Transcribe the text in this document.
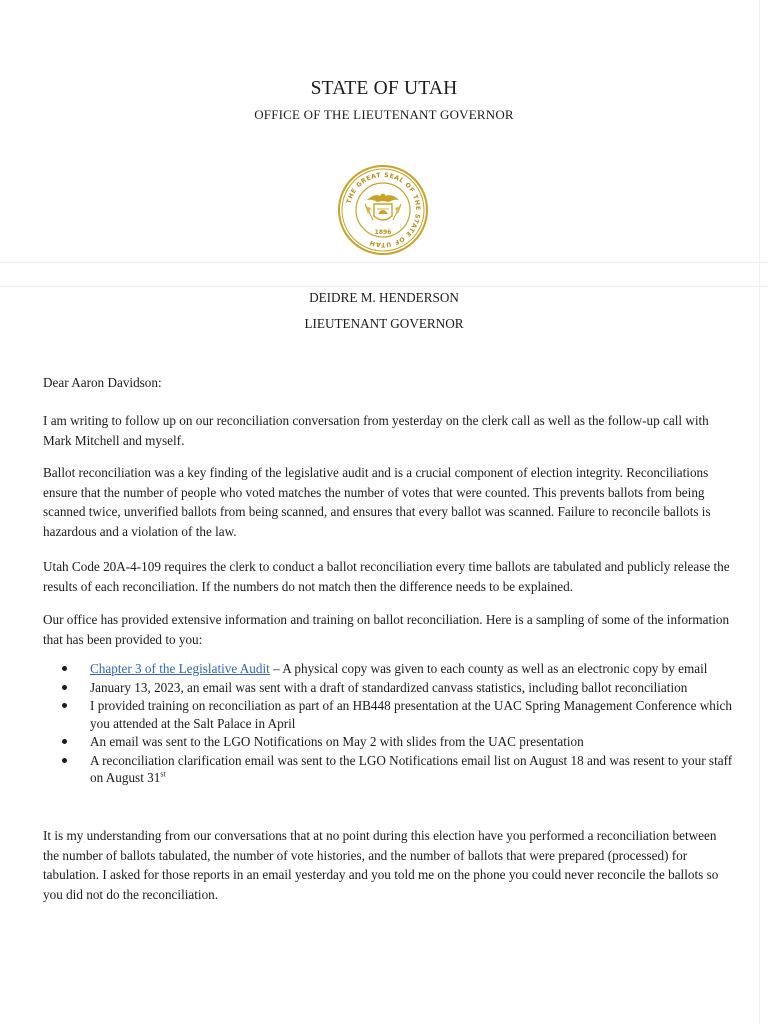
STATE OF UTAH
OFFICE OF THE LIEUTENANT GOVERNOR
THE GREAT SEAL OF THE STATE OF UTAH
1896
DEIDRE M. HENDERSON
LIEUTENANT GOVERNOR

Dear Aaron Davidson:

I am writing to follow up on our reconciliation conversation from yesterday on the clerk call as well as the follow-up call with Mark Mitchell and myself.

Ballot reconciliation was a key finding of the legislative audit and is a crucial component of election integrity. Reconciliations ensure that the number of people who voted matches the number of votes that were counted. This prevents ballots from being scanned twice, unverified ballots from being scanned, and ensures that every ballot was scanned. Failure to reconcile ballots is hazardous and a violation of the law.

Utah Code 20A-4-109 requires the clerk to conduct a ballot reconciliation every time ballots are tabulated and publicly release the results of each reconciliation. If the numbers do not match then the difference needs to be explained.

Our office has provided extensive information and training on ballot reconciliation. Here is a sampling of some of the information that has been provided to you:

Chapter 3 of the Legislative Audit – A physical copy was given to each county as well as an electronic copy by email
January 13, 2023, an email was sent with a draft of standardized canvass statistics, including ballot reconciliation
I provided training on reconciliation as part of an HB448 presentation at the UAC Spring Management Conference which you attended at the Salt Palace in April
An email was sent to the LGO Notifications on May 2 with slides from the UAC presentation
A reconciliation clarification email was sent to the LGO Notifications email list on August 18 and was resent to your staff on August 31st

It is my understanding from our conversations that at no point during this election have you performed a reconciliation between the number of ballots tabulated, the number of vote histories, and the number of ballots that were prepared (processed) for tabulation. I asked for those reports in an email yesterday and you told me on the phone you could never reconcile the ballots so you did not do the reconciliation.
